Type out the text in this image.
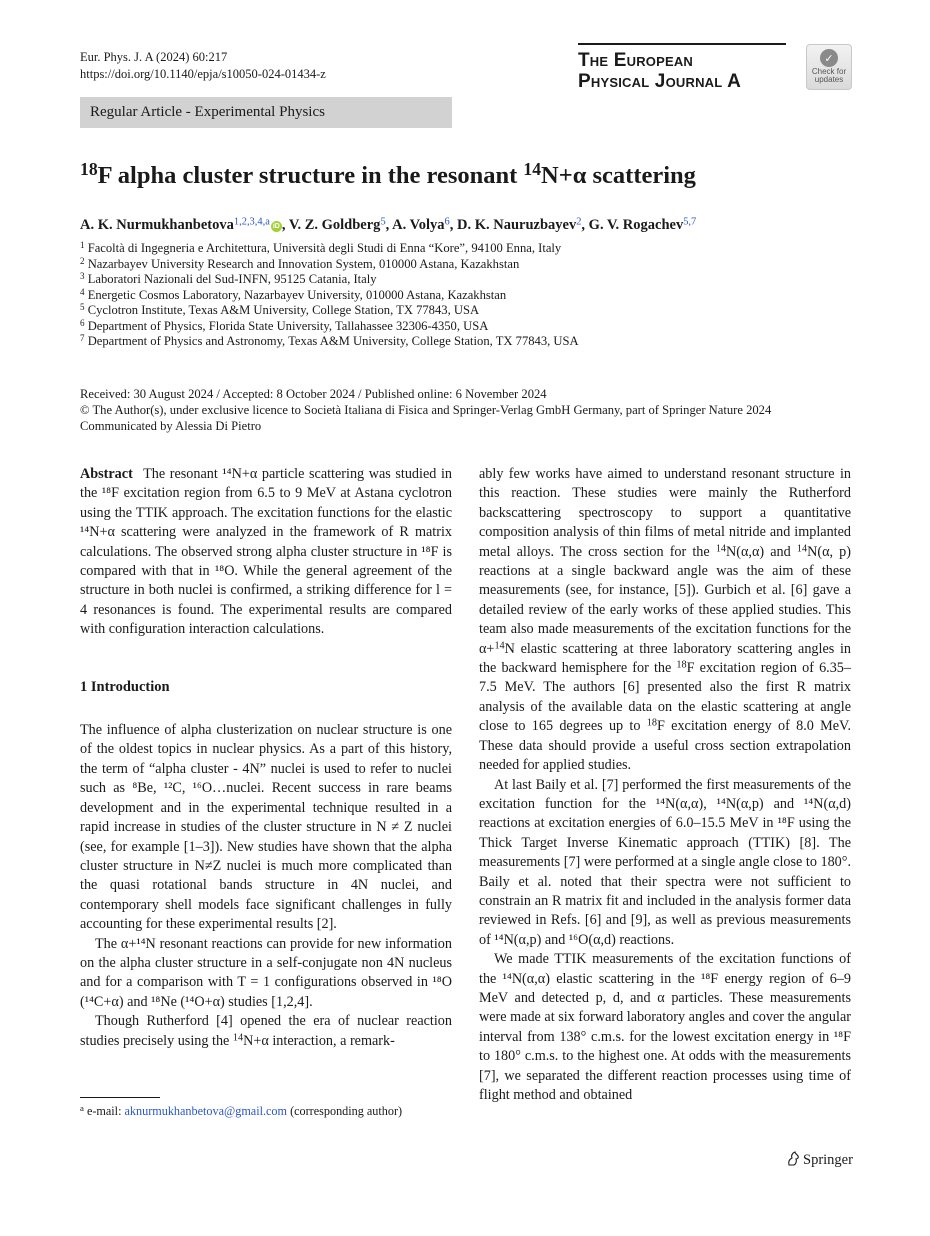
Eur. Phys. J. A (2024) 60:217
https://doi.org/10.1140/epja/s10050-024-01434-z
The European
Physical Journal A
✓
Check for
updates
Regular Article - Experimental Physics
$^{18}$F alpha cluster structure in the resonant $^{14}$N+α scattering
A. K. Nurmukhanbetova$^{1,2,3,4,a}$ iD , V. Z. Goldberg$^5$, A. Volya$^6$, D. K. Nauruzbayev$^2$, G. V. Rogachev$^{5,7}$
$^1$ Facoltà di Ingegneria e Architettura, Università degli Studi di Enna “Kore”, 94100 Enna, Italy
$^2$ Nazarbayev University Research and Innovation System, 010000 Astana, Kazakhstan
$^3$ Laboratori Nazionali del Sud-INFN, 95125 Catania, Italy
$^4$ Energetic Cosmos Laboratory, Nazarbayev University, 010000 Astana, Kazakhstan
$^5$ Cyclotron Institute, Texas A&M University, College Station, TX 77843, USA
$^6$ Department of Physics, Florida State University, Tallahassee 32306-4350, USA
$^7$ Department of Physics and Astronomy, Texas A&M University, College Station, TX 77843, USA
Received: 30 August 2024 / Accepted: 8 October 2024 / Published online: 6 November 2024
© The Author(s), under exclusive licence to Società Italiana di Fisica and Springer-Verlag GmbH Germany, part of Springer Nature 2024
Communicated by Alessia Di Pietro

Abstract The resonant ¹⁴N+α particle scattering was studied in the ¹⁸F excitation region from 6.5 to 9 MeV at Astana cyclotron using the TTIK approach. The excitation functions for the elastic ¹⁴N+α scattering were analyzed in the framework of R matrix calculations. The observed strong alpha cluster structure in ¹⁸F is compared with that in ¹⁸O. While the general agreement of the structure in both nuclei is confirmed, a striking difference for l = 4 resonances is found. The experimental results are compared with configuration interaction calculations.

1 Introduction

The influence of alpha clusterization on nuclear structure is one of the oldest topics in nuclear physics. As a part of this history, the term of “alpha cluster - 4N” nuclei is used to refer to nuclei such as ⁸Be, ¹²C, ¹⁶O…nuclei. Recent success in rare beams development and in the experimental technique resulted in a rapid increase in studies of the cluster structure in N ≠ Z nuclei (see, for example [1–3]). New studies have shown that the alpha cluster structure in N≠Z nuclei is much more complicated than the quasi rotational bands structure in 4N nuclei, and contemporary shell models face significant challenges in fully accounting for these experimental results [2].

The α+¹⁴N resonant reactions can provide for new information on the alpha cluster structure in a self-conjugate non 4N nucleus and for a comparison with T = 1 configurations observed in ¹⁸O (¹⁴C+α) and ¹⁸Ne (¹⁴O+α) studies [1,2,4].

Though Rutherford [4] opened the era of nuclear reaction studies precisely using the $^{14}$N+α interaction, a remark-

ably few works have aimed to understand resonant structure in this reaction. These studies were mainly the Rutherford backscattering spectroscopy to support a quantitative composition analysis of thin films of metal nitride and implanted metal alloys. The cross section for the $^{14}$N(α,α) and $^{14}$N(α, p) reactions at a single backward angle was the aim of these measurements (see, for instance, [5]). Gurbich et al. [6] gave a detailed review of the early works of these applied studies. This team also made measurements of the excitation functions for the α+$^{14}$N elastic scattering at three laboratory scattering angles in the backward hemisphere for the $^{18}$F excitation region of 6.35–7.5 MeV. The authors [6] presented also the first R matrix analysis of the available data on the elastic scattering at angle close to 165 degrees up to $^{18}$F excitation energy of 8.0 MeV. These data should provide a useful cross section extrapolation needed for applied studies.

At last Baily et al. [7] performed the first measurements of the excitation function for the ¹⁴N(α,α), ¹⁴N(α,p) and ¹⁴N(α,d) reactions at excitation energies of 6.0–15.5 MeV in ¹⁸F using the Thick Target Inverse Kinematic approach (TTIK) [8]. The measurements [7] were performed at a single angle close to 180°. Baily et al. noted that their spectra were not sufficient to constrain an R matrix fit and included in the analysis former data reviewed in Refs. [6] and [9], as well as previous measurements of ¹⁴N(α,p) and ¹⁶O(α,d) reactions.

We made TTIK measurements of the excitation functions of the ¹⁴N(α,α) elastic scattering in the ¹⁸F energy region of 6–9 MeV and detected p, d, and α particles. These measurements were made at six forward laboratory angles and cover the angular interval from 138° c.m.s. for the lowest excitation energy in ¹⁸F to 180° c.m.s. to the highest one. At odds with the measurements [7], we separated the different reaction processes using time of flight method and obtained

$^a$ e-mail: aknurmukhanbetova@gmail.com (corresponding author)
Springer
